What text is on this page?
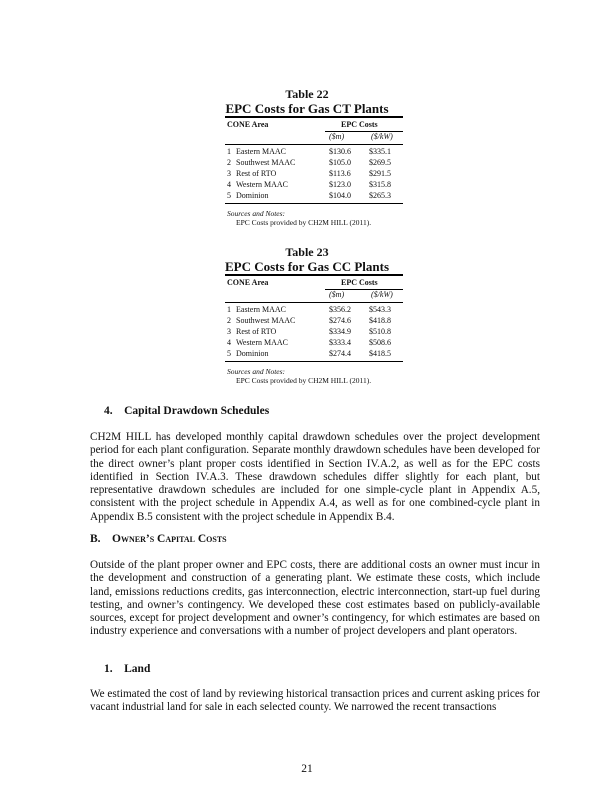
Table 22
EPC Costs for Gas CT Plants
CONE Area	EPC Costs
($m)	($/kW)
1 Eastern MAAC	$130.6 $335.1
2 Southwest MAAC	$105.0 $269.5
3 Rest of RTO	$113.6 $291.5
4 Western MAAC	$123.0 $315.8
5 Dominion	$104.0 $265.3
Sources and Notes:
EPC Costs provided by CH2M HILL (2011).
Table 23
EPC Costs for Gas CC Plants
CONE Area	EPC Costs
($m)	($/kW)
1 Eastern MAAC	$356.2 $543.3
2 Southwest MAAC	$274.6 $418.8
3 Rest of RTO	$334.9 $510.8
4 Western MAAC	$333.4 $508.6
5 Dominion	$274.4 $418.5
Sources and Notes:
EPC Costs provided by CH2M HILL (2011).
4. Capital Drawdown Schedules
CH2M HILL has developed monthly capital drawdown schedules over the project development period for each plant configuration. Separate monthly drawdown schedules have been developed for the direct owner’s plant proper costs identified in Section IV.A.2, as well as for the EPC costs identified in Section IV.A.3. These drawdown schedules differ slightly for each plant, but representative drawdown schedules are included for one simple-cycle plant in Appendix A.5, consistent with the project schedule in Appendix A.4, as well as for one combined-cycle plant in Appendix B.5 consistent with the project schedule in Appendix B.4.
B.  Owner’s Capital Costs
Outside of the plant proper owner and EPC costs, there are additional costs an owner must incur in the development and construction of a generating plant. We estimate these costs, which include land, emissions reductions credits, gas interconnection, electric interconnection, start-up fuel during testing, and owner’s contingency. We developed these cost estimates based on publicly-available sources, except for project development and owner’s contingency, for which estimates are based on industry experience and conversations with a number of project developers and plant operators.
1. Land
We estimated the cost of land by reviewing historical transaction prices and current asking prices for vacant industrial land for sale in each selected county. We narrowed the recent transactions
21
